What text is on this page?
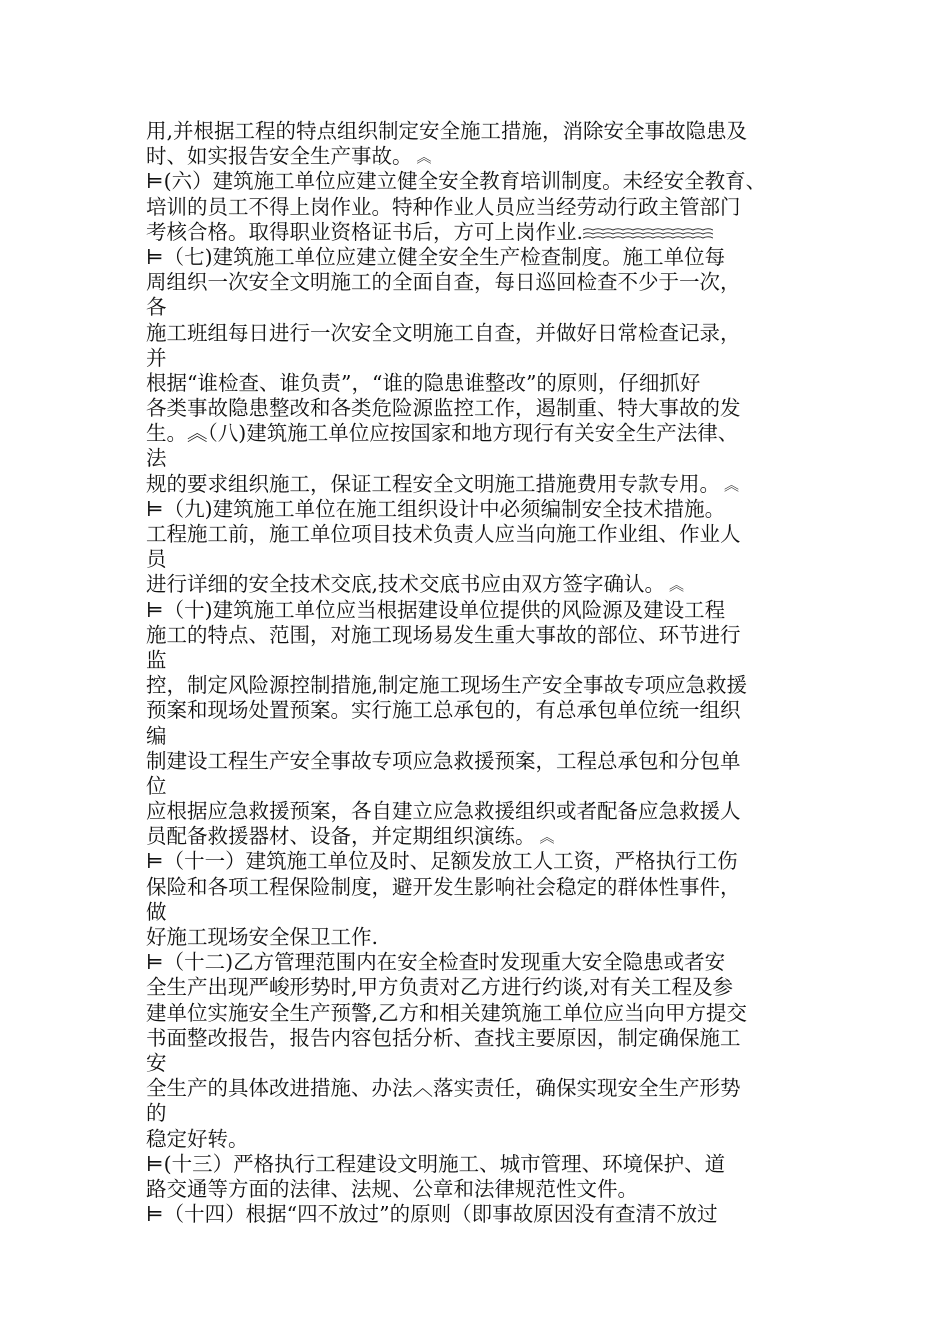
用,并根据工程的特点组织制定安全施工措施，消除安全事故隐患及
时、如实报告安全生产事故。 ︽
⊨(六）建筑施工单位应建立健全安全教育培训制度。未经安全教育、
培训的员工不得上岗作业。特种作业人员应当经劳动行政主管部门
考核合格。取得职业资格证书后，方可上岗作业.
⊨（七)建筑施工单位应建立健全安全生产检查制度。施工单位每
周组织一次安全文明施工的全面自查，每日巡回检查不少于一次，
各
施工班组每日进行一次安全文明施工自查，并做好日常检查记录，
并
根据“谁检查、谁负责”，“谁的隐患谁整改”的原则，仔细抓好
各类事故隐患整改和各类危险源监控工作，遏制重、特大事故的发
生。︽（八)建筑施工单位应按国家和地方现行有关安全生产法律、
法
规的要求组织施工，保证工程安全文明施工措施费用专款专用。 ︽
⊨（九)建筑施工单位在施工组织设计中必须编制安全技术措施。
工程施工前，施工单位项目技术负责人应当向施工作业组、作业人
员
进行详细的安全技术交底,技术交底书应由双方签字确认。 ︽
⊨（十)建筑施工单位应当根据建设单位提供的风险源及建设工程
施工的特点、范围，对施工现场易发生重大事故的部位、环节进行
监
控，制定风险源控制措施,制定施工现场生产安全事故专项应急救援
预案和现场处置预案。实行施工总承包的，有总承包单位统一组织
编
制建设工程生产安全事故专项应急救援预案，工程总承包和分包单
位
应根据应急救援预案，各自建立应急救援组织或者配备应急救援人
员配备救援器材、设备，并定期组织演练。 ︽
⊨（十一）建筑施工单位及时、足额发放工人工资，严格执行工伤
保险和各项工程保险制度，避开发生影响社会稳定的群体性事件，
做
好施工现场安全保卫工作.
⊨（十二)乙方管理范围内在安全检查时发现重大安全隐患或者安
全生产出现严峻形势时,甲方负责对乙方进行约谈,对有关工程及参
建单位实施安全生产预警,乙方和相关建筑施工单位应当向甲方提交
书面整改报告，报告内容包括分析、查找主要原因，制定确保施工
安
全生产的具体改进措施、办法︿落实责任，确保实现安全生产形势
的
稳定好转。
⊨(十三）严格执行工程建设文明施工、城市管理、环境保护、道
路交通等方面的法律、法规、公章和法律规范性文件。
⊨（十四）根据“四不放过”的原则（即事故原因没有查清不放过
